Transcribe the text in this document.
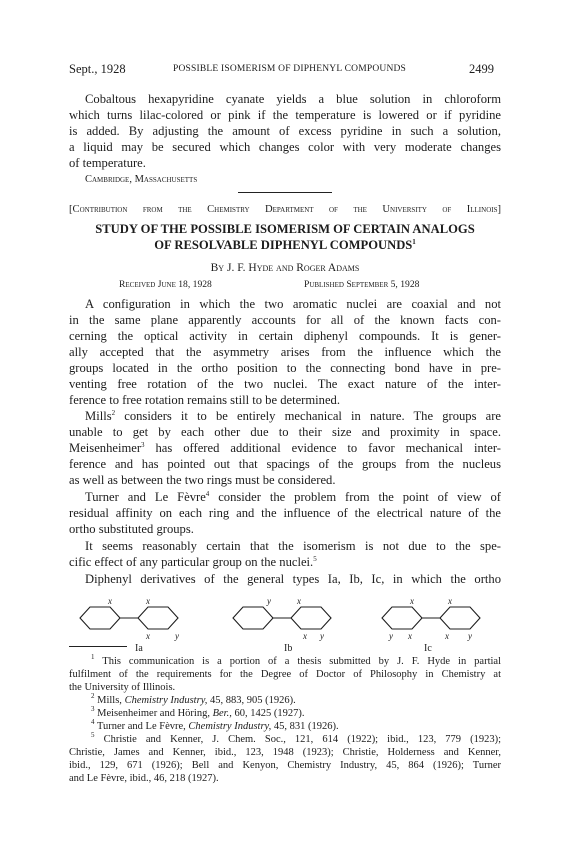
Sept., 1928	POSSIBLE ISOMERISM OF DIPHENYL COMPOUNDS	2499
Cobaltous hexapyridine cyanate yields a blue solution in chloroform
which turns lilac-colored or pink if the temperature is lowered or if pyridine
is added. By adjusting the amount of excess pyridine in such a solution,
a liquid may be secured which changes color with very moderate changes
of temperature.
Cambridge, Massachusetts
[Contribution from the Chemistry Department of the University of Illinois]
STUDY OF THE POSSIBLE ISOMERISM OF CERTAIN ANALOGS
OF RESOLVABLE DIPHENYL COMPOUNDS$^1$
By J. F. Hyde and Roger Adams
Received June 18, 1928	Published September 5, 1928
A configuration in which the two aromatic nuclei are coaxial and not
in the same plane apparently accounts for all of the known facts con-
cerning the optical activity in certain diphenyl compounds. It is gener-
ally accepted that the asymmetry arises from the influence which the
groups located in the ortho position to the connecting bond have in pre-
venting free rotation of the two nuclei. The exact nature of the inter-
ference to free rotation remains still to be determined.
Mills$^2$ considers it to be entirely mechanical in nature. The groups are
unable to get by each other due to their size and proximity in space.
Meisenheimer$^3$ has offered additional evidence to favor mechanical inter-
ference and has pointed out that spacings of the groups from the nucleus
as well as between the two rings must be considered.
Turner and Le Fèvre$^4$ consider the problem from the point of view of
residual affinity on each ring and the influence of the electrical nature of the
ortho substituted groups.
It seems reasonably certain that the isomerism is not due to the spe-
cific effect of any particular group on the nuclei.$^5$
Diphenyl derivatives of the general types Ia, Ib, Ic, in which the ortho
x	x
x	y
Ia
y	x
x y
Ib
x	x
y x	x y
Ic
$^1$ This communication is a portion of a thesis submitted by J. F. Hyde in partial
fulfilment of the requirements for the Degree of Doctor of Philosophy in Chemistry at
the University of Illinois.
$^2$ Mills, Chemistry Industry, 45, 883, 905 (1926).
$^3$ Meisenheimer and Höring, Ber., 60, 1425 (1927).
$^4$ Turner and Le Fèvre, Chemistry Industry, 45, 831 (1926).
$^5$ Christie and Kenner, J. Chem. Soc., 121, 614 (1922); ibid., 123, 779 (1923);
Christie, James and Kenner, ibid., 123, 1948 (1923); Christie, Holderness and Kenner,
ibid., 129, 671 (1926); Bell and Kenyon, Chemistry Industry, 45, 864 (1926); Turner
and Le Fèvre, ibid., 46, 218 (1927).
